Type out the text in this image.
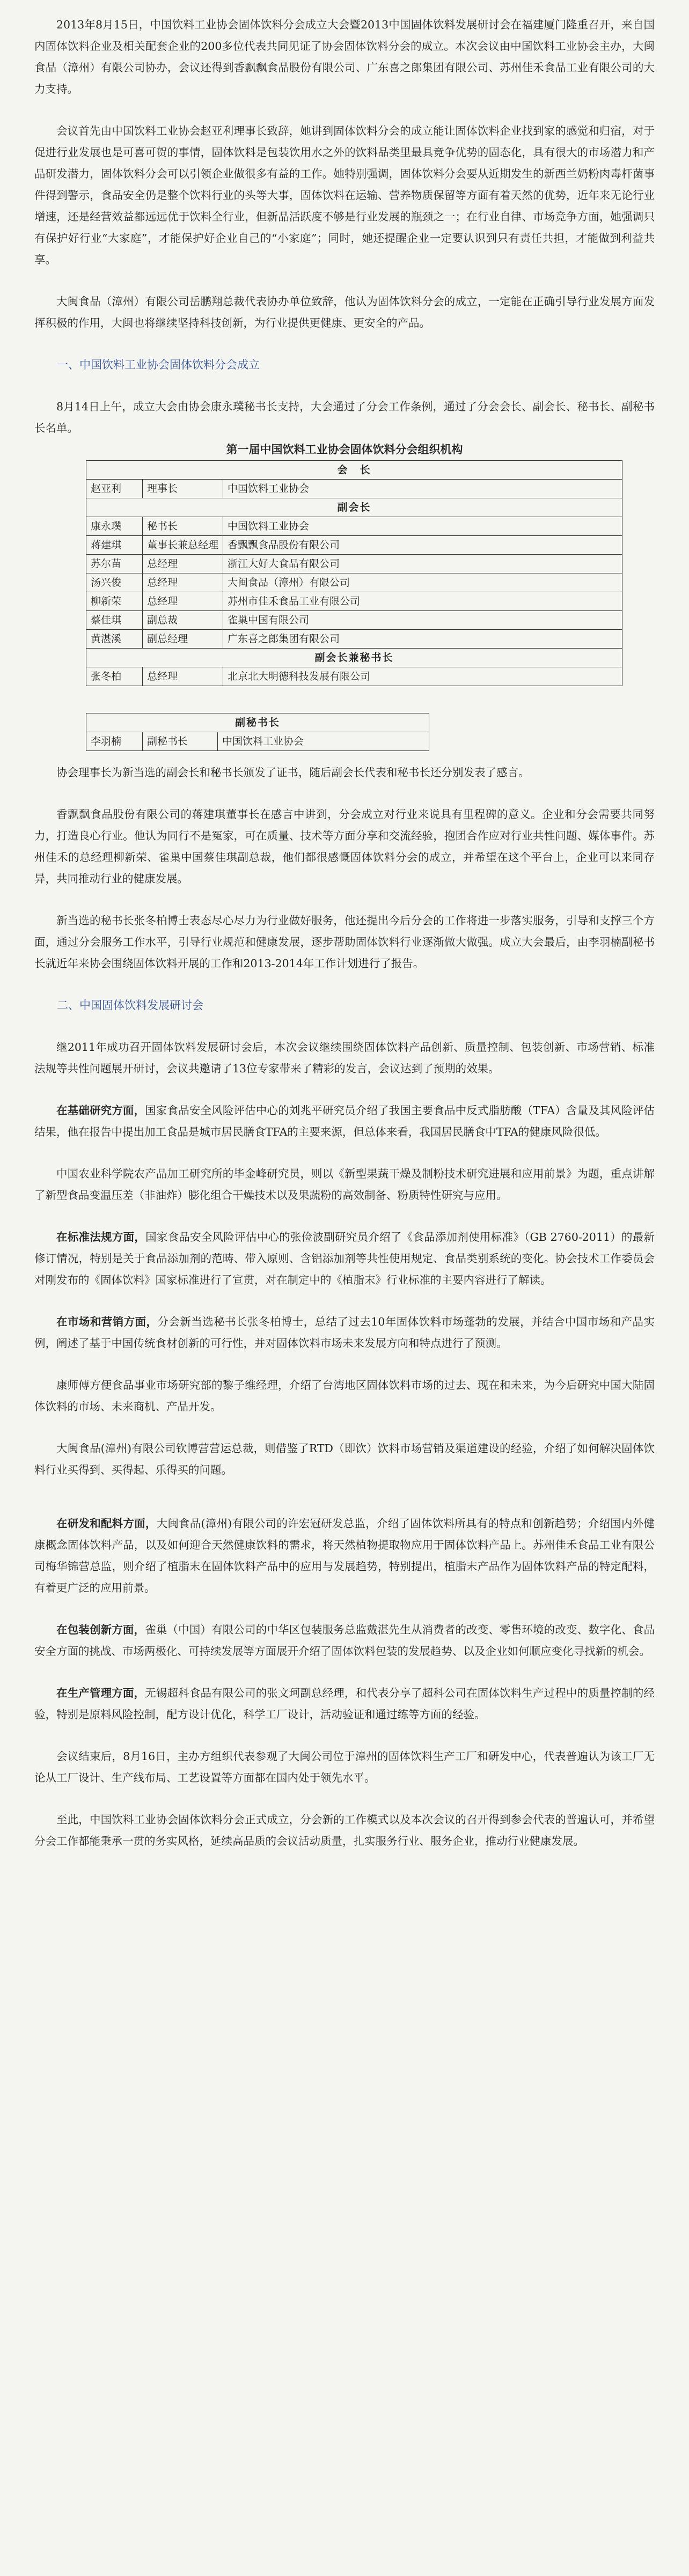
2013年8月15日，中国饮料工业协会固体饮料分会成立大会暨2013中国固体饮料发展研讨会在福建厦门隆重召开，来自国内固体饮料企业及相关配套企业的200多位代表共同见证了协会固体饮料分会的成立。本次会议由中国饮料工业协会主办，大闽食品（漳州）有限公司协办，会议还得到香飘飘食品股份有限公司、广东喜之郎集团有限公司、苏州佳禾食品工业有限公司的大力支持。

会议首先由中国饮料工业协会赵亚利理事长致辞，她讲到固体饮料分会的成立能让固体饮料企业找到家的感觉和归宿，对于促进行业发展也是可喜可贺的事情，固体饮料是包装饮用水之外的饮料品类里最具竞争优势的固态化，具有很大的市场潜力和产品研发潜力，固体饮料分会可以引领企业做很多有益的工作。她特别强调，固体饮料分会要从近期发生的新西兰奶粉肉毒杆菌事件得到警示，食品安全仍是整个饮料行业的头等大事，固体饮料在运输、营养物质保留等方面有着天然的优势，近年来无论行业增速，还是经营效益都远远优于饮料全行业，但新品活跃度不够是行业发展的瓶颈之一；在行业自律、市场竞争方面，她强调只有保护好行业“大家庭”，才能保护好企业自己的“小家庭”；同时，她还提醒企业一定要认识到只有责任共担，才能做到利益共享。

大闽食品（漳州）有限公司岳鹏翔总裁代表协办单位致辞，他认为固体饮料分会的成立，一定能在正确引导行业发展方面发挥积极的作用，大闽也将继续坚持科技创新，为行业提供更健康、更安全的产品。

一、中国饮料工业协会固体饮料分会成立

8月14日上午，成立大会由协会康永璞秘书长支持，大会通过了分会工作条例，通过了分会会长、副会长、秘书长、副秘书长名单。

第一届中国饮料工业协会固体饮料分会组织机构
会　长		
赵亚利	理事长	中国饮料工业协会
副会长		
康永璞	秘书长	中国饮料工业协会
蒋建琪	董事长兼总经理	香飘飘食品股份有限公司
苏尔苗	总经理	浙江大好大食品有限公司
汤兴俊	总经理	大闽食品（漳州）有限公司
柳新荣	总经理	苏州市佳禾食品工业有限公司
蔡佳琪	副总裁	雀巢中国有限公司
黄湛溪	副总经理	广东喜之郎集团有限公司
副会长兼秘书长		
张冬柏	总经理	北京北大明德科技发展有限公司
副秘书长
李羽楠	副秘书长	中国饮料工业协会

协会理事长为新当选的副会长和秘书长颁发了证书，随后副会长代表和秘书长还分别发表了感言。

香飘飘食品股份有限公司的蒋建琪董事长在感言中讲到，分会成立对行业来说具有里程碑的意义。企业和分会需要共同努力，打造良心行业。他认为同行不是冤家，可在质量、技术等方面分享和交流经验，抱团合作应对行业共性问题、媒体事件。苏州佳禾的总经理柳新荣、雀巢中国蔡佳琪副总裁，他们都很感慨固体饮料分会的成立，并希望在这个平台上，企业可以来同存异，共同推动行业的健康发展。

新当选的秘书长张冬柏博士表态尽心尽力为行业做好服务，他还提出今后分会的工作将进一步落实服务，引导和支撑三个方面，通过分会服务工作水平，引导行业规范和健康发展，逐步帮助固体饮料行业逐渐做大做强。成立大会最后，由李羽楠副秘书长就近年来协会围绕固体饮料开展的工作和2013-2014年工作计划进行了报告。

二、中国固体饮料发展研讨会

继2011年成功召开固体饮料发展研讨会后，本次会议继续围绕固体饮料产品创新、质量控制、包装创新、市场营销、标准法规等共性问题展开研讨，会议共邀请了13位专家带来了精彩的发言，会议达到了预期的效果。

在基础研究方面，国家食品安全风险评估中心的刘兆平研究员介绍了我国主要食品中反式脂肪酸（TFA）含量及其风险评估结果，他在报告中提出加工食品是城市居民膳食TFA的主要来源，但总体来看，我国居民膳食中TFA的健康风险很低。

中国农业科学院农产品加工研究所的毕金峰研究员，则以《新型果蔬干燥及制粉技术研究进展和应用前景》为题，重点讲解了新型食品变温压差（非油炸）膨化组合干燥技术以及果蔬粉的高效制备、粉质特性研究与应用。

在标准法规方面，国家食品安全风险评估中心的张俭波副研究员介绍了《食品添加剂使用标准》（GB 2760-2011）的最新修订情况，特别是关于食品添加剂的范畴、带入原则、含铝添加剂等共性使用规定、食品类别系统的变化。协会技术工作委员会对刚发布的《固体饮料》国家标准进行了宣贯，对在制定中的《植脂末》行业标准的主要内容进行了解读。

在市场和营销方面，分会新当选秘书长张冬柏博士，总结了过去10年固体饮料市场蓬勃的发展，并结合中国市场和产品实例，阐述了基于中国传统食材创新的可行性，并对固体饮料市场未来发展方向和特点进行了预测。

康师傅方便食品事业市场研究部的黎子维经理，介绍了台湾地区固体饮料市场的过去、现在和未来，为今后研究中国大陆固体饮料的市场、未来商机、产品开发。

大闽食品(漳州)有限公司钦博营营运总裁，则借鉴了RTD（即饮）饮料市场营销及渠道建设的经验，介绍了如何解决固体饮料行业买得到、买得起、乐得买的问题。

在研发和配料方面，大闽食品(漳州)有限公司的许宏冠研发总监，介绍了固体饮料所具有的特点和创新趋势；介绍国内外健康概念固体饮料产品，以及如何迎合天然健康饮料的需求，将天然植物提取物应用于固体饮料产品上。苏州佳禾食品工业有限公司梅华锦营总监，则介绍了植脂末在固体饮料产品中的应用与发展趋势，特别提出，植脂末产品作为固体饮料产品的特定配料，有着更广泛的应用前景。

在包装创新方面，雀巢（中国）有限公司的中华区包装服务总监戴湛先生从消费者的改变、零售环境的改变、数字化、食品安全方面的挑战、市场两极化、可持续发展等方面展开介绍了固体饮料包装的发展趋势、以及企业如何顺应变化寻找新的机会。

在生产管理方面，无锡超科食品有限公司的张文珂副总经理，和代表分享了超科公司在固体饮料生产过程中的质量控制的经验，特别是原料风险控制，配方设计优化，科学工厂设计，活动验证和通过练等方面的经验。

会议结束后，8月16日，主办方组织代表参观了大闽公司位于漳州的固体饮料生产工厂和研发中心，代表普遍认为该工厂无论从工厂设计、生产线布局、工艺设置等方面都在国内处于领先水平。

至此，中国饮料工业协会固体饮料分会正式成立，分会新的工作模式以及本次会议的召开得到参会代表的普遍认可，并希望分会工作都能秉承一贯的务实风格，延续高品质的会议活动质量，扎实服务行业、服务企业，推动行业健康发展。
